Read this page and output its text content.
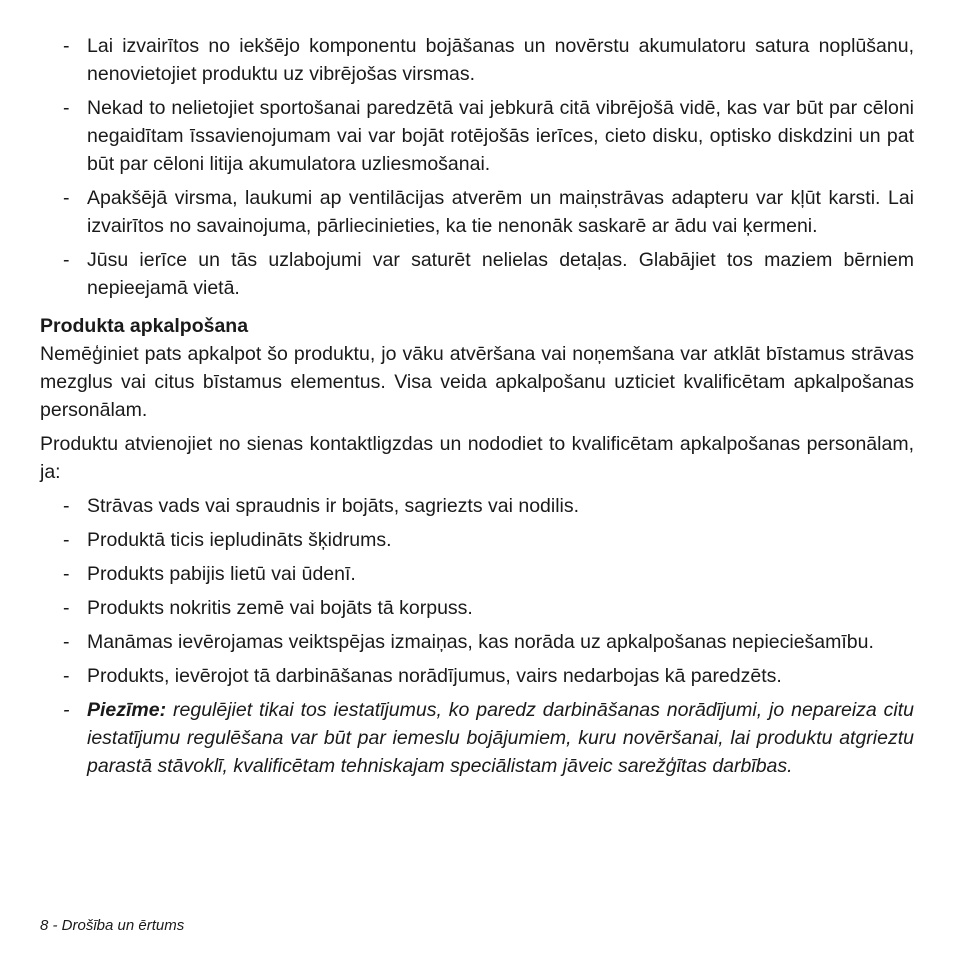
- Lai izvairītos no iekšējo komponentu bojāšanas un novērstu akumulatoru satura noplūšanu, nenovietojiet produktu uz vibrējošas virsmas.
- Nekad to nelietojiet sportošanai paredzētā vai jebkurā citā vibrējošā vidē, kas var būt par cēloni negaidītam īssavienojumam vai var bojāt rotējošās ierīces, cieto disku, optisko diskdzini un pat būt par cēloni litija akumulatora uzliesmošanai.
- Apakšējā virsma, laukumi ap ventilācijas atverēm un maiņstrāvas adapteru var kļūt karsti. Lai izvairītos no savainojuma, pārliecinieties, ka tie nenonāk saskarē ar ādu vai ķermeni.
- Jūsu ierīce un tās uzlabojumi var saturēt nelielas detaļas. Glabājiet tos maziem bērniem nepieejamā vietā.
Produkta apkalpošana

Nemēģiniet pats apkalpot šo produktu, jo vāku atvēršana vai noņemšana var atklāt bīstamus strāvas mezglus vai citus bīstamus elementus. Visa veida apkalpošanu uzticiet kvalificētam apkalpošanas personālam.

Produktu atvienojiet no sienas kontaktligzdas un nododiet to kvalificētam apkalpošanas personālam, ja:

- Strāvas vads vai spraudnis ir bojāts, sagriezts vai nodilis.
- Produktā ticis iepludināts šķidrums.
- Produkts pabijis lietū vai ūdenī.
- Produkts nokritis zemē vai bojāts tā korpuss.
- Manāmas ievērojamas veiktspējas izmaiņas, kas norāda uz apkalpošanas nepieciešamību.
- Produkts, ievērojot tā darbināšanas norādījumus, vairs nedarbojas kā paredzēts.
- Piezīme: regulējiet tikai tos iestatījumus, ko paredz darbināšanas norādījumi, jo nepareiza citu iestatījumu regulēšana var būt par iemeslu bojājumiem, kuru novēršanai, lai produktu atgrieztu parastā stāvoklī, kvalificētam tehniskajam speciālistam jāveic sarežģītas darbības.
8 - Drošība un ērtums
